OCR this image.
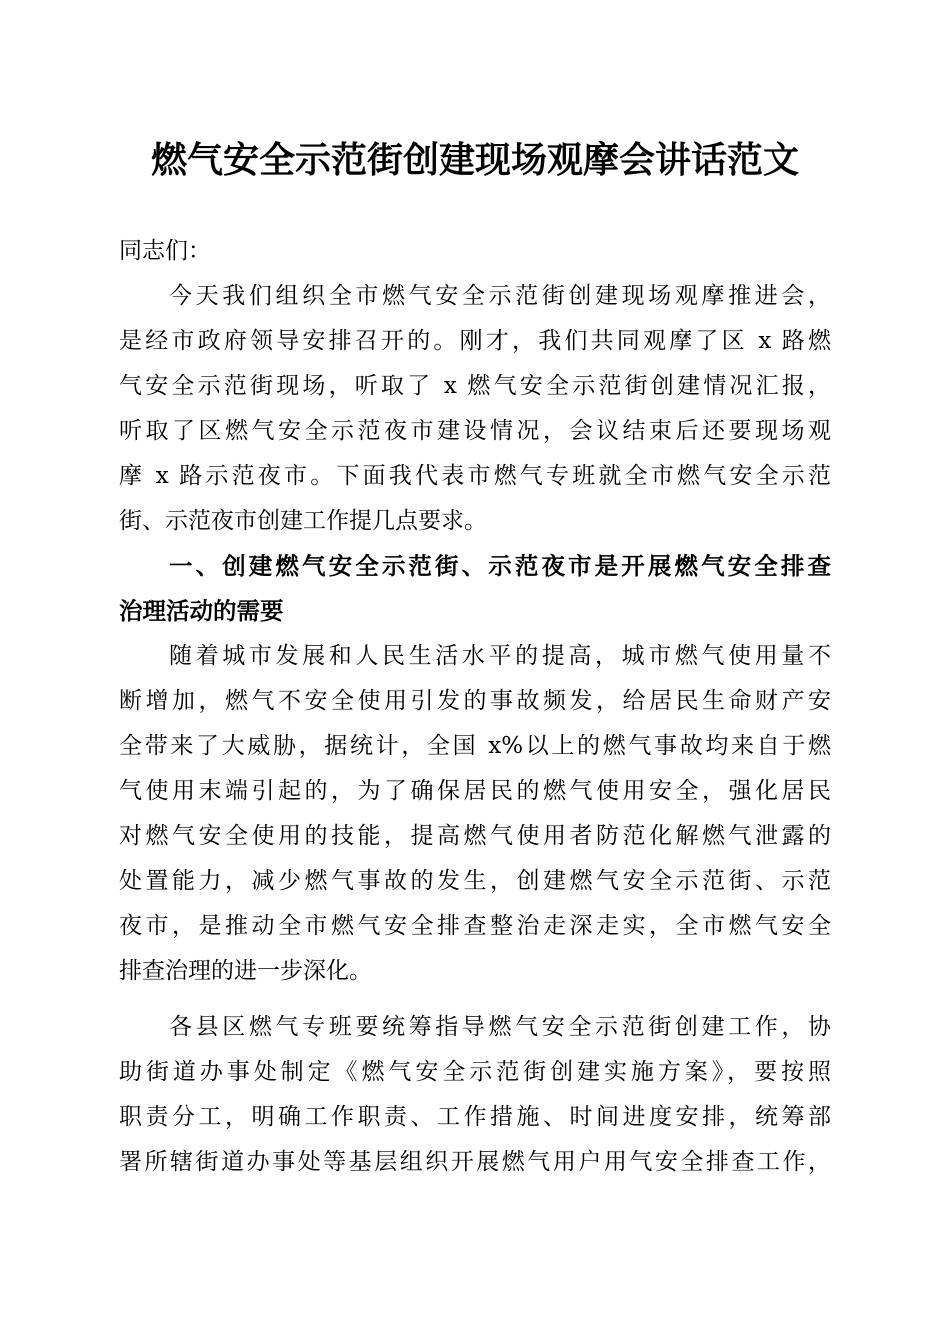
燃气安全示范街创建现场观摩会讲话范文
同志们：
今天我们组织全市燃气安全示范街创建现场观摩推进会，
是经市政府领导安排召开的。刚才，我们共同观摩了区 x 路燃
气安全示范街现场，听取了 x 燃气安全示范街创建情况汇报，
听取了区燃气安全示范夜市建设情况，会议结束后还要现场观
摩 x 路示范夜市。下面我代表市燃气专班就全市燃气安全示范
街、示范夜市创建工作提几点要求。
一、创建燃气安全示范街、示范夜市是开展燃气安全排查
治理活动的需要
随着城市发展和人民生活水平的提高，城市燃气使用量不
断增加，燃气不安全使用引发的事故频发，给居民生命财产安
全带来了大威胁，据统计，全国 x%以上的燃气事故均来自于燃
气使用末端引起的，为了确保居民的燃气使用安全，强化居民
对燃气安全使用的技能，提高燃气使用者防范化解燃气泄露的
处置能力，减少燃气事故的发生，创建燃气安全示范街、示范
夜市，是推动全市燃气安全排查整治走深走实，全市燃气安全
排查治理的进一步深化。
各县区燃气专班要统筹指导燃气安全示范街创建工作，协
助街道办事处制定《燃气安全示范街创建实施方案》，要按照
职责分工，明确工作职责、工作措施、时间进度安排，统筹部
署所辖街道办事处等基层组织开展燃气用户用气安全排查工作，
